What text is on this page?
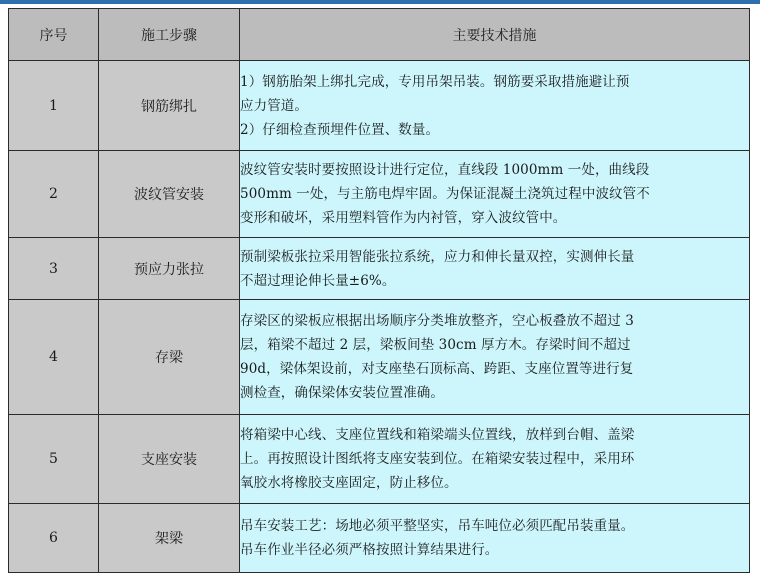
序号	施工步骤	主要技术措施
1	钢筋绑扎	1）钢筋胎架上绑扎完成，专用吊架吊装。钢筋要采取措施避让预
应力管道。
2）仔细检查预埋件位置、数量。

2	波纹管安装	波纹管安装时要按照设计进行定位，直线段 1000mm 一处，曲线段
500mm 一处，与主筋电焊牢固。为保证混凝土浇筑过程中波纹管不
变形和破坏，采用塑料管作为内衬管，穿入波纹管中。

3	预应力张拉	预制梁板张拉采用智能张拉系统，应力和伸长量双控，实测伸长量
不超过理论伸长量±6%。

4	存梁	存梁区的梁板应根据出场顺序分类堆放整齐，空心板叠放不超过 3
层，箱梁不超过 2 层，梁板间垫 30cm 厚方木。存梁时间不超过
90d，梁体架设前，对支座垫石顶标高、跨距、支座位置等进行复
测检查，确保梁体安装位置准确。

5	支座安装	将箱梁中心线、支座位置线和箱梁端头位置线，放样到台帽、盖梁
上。再按照设计图纸将支座安装到位。在箱梁安装过程中，采用环
氧胶水将橡胶支座固定，防止移位。

6	架梁	吊车安装工艺：场地必须平整坚实，吊车吨位必须匹配吊装重量。
吊车作业半径必须严格按照计算结果进行。
